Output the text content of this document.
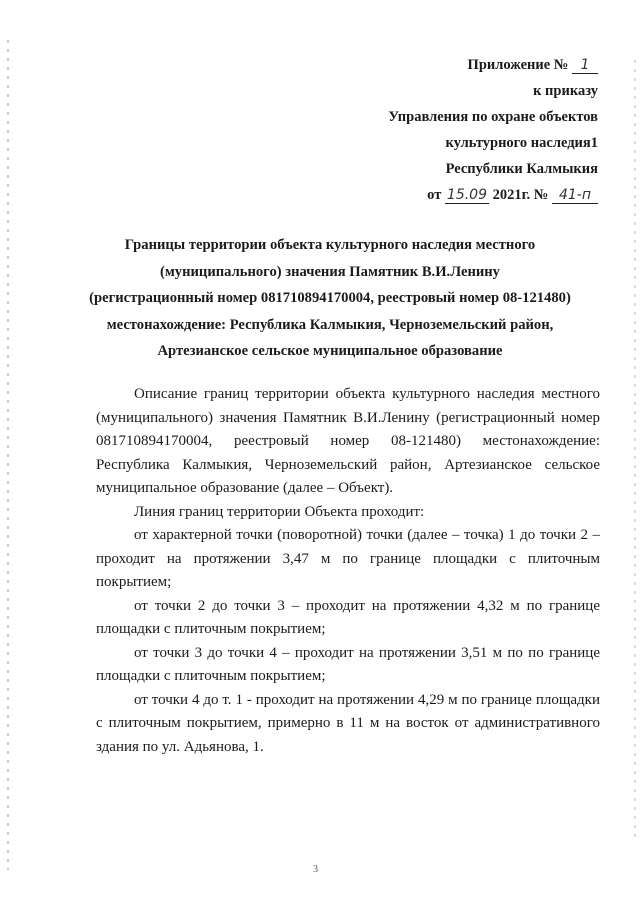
Приложение № 1
к приказу
Управления по охране объектов
культурного наследия1
Республики Калмыкия
от 15.09 2021г. № 41-п
Границы территории объекта культурного наследия местного
(муниципального) значения Памятник В.И.Ленину
(регистрационный номер 081710894170004, реестровый номер 08-121480)
местонахождение: Республика Калмыкия, Черноземельский район,
Артезианское сельское муниципальное образование

Описание границ территории объекта культурного наследия местного (муниципального) значения Памятник В.И.Ленину (регистрационный номер 081710894170004, реестровый номер 08-121480) местонахождение: Республика Калмыкия, Черноземельский район, Артезианское сельское муниципальное образование (далее – Объект).

Линия границ территории Объекта проходит:

от характерной точки (поворотной) точки (далее – точка) 1 до точки 2 –проходит на протяжении 3,47 м по границе площадки с плиточным покрытием;

от точки 2 до точки 3 – проходит на протяжении 4,32 м по границе площадки с плиточным покрытием;

от точки 3 до точки 4 – проходит на протяжении 3,51 м по по границе площадки с плиточным покрытием;

от точки 4 до т. 1 - проходит на протяжении 4,29 м по границе площадки с плиточным покрытием, примерно в 11 м на восток от административного здания по ул. Адьянова, 1.

3
